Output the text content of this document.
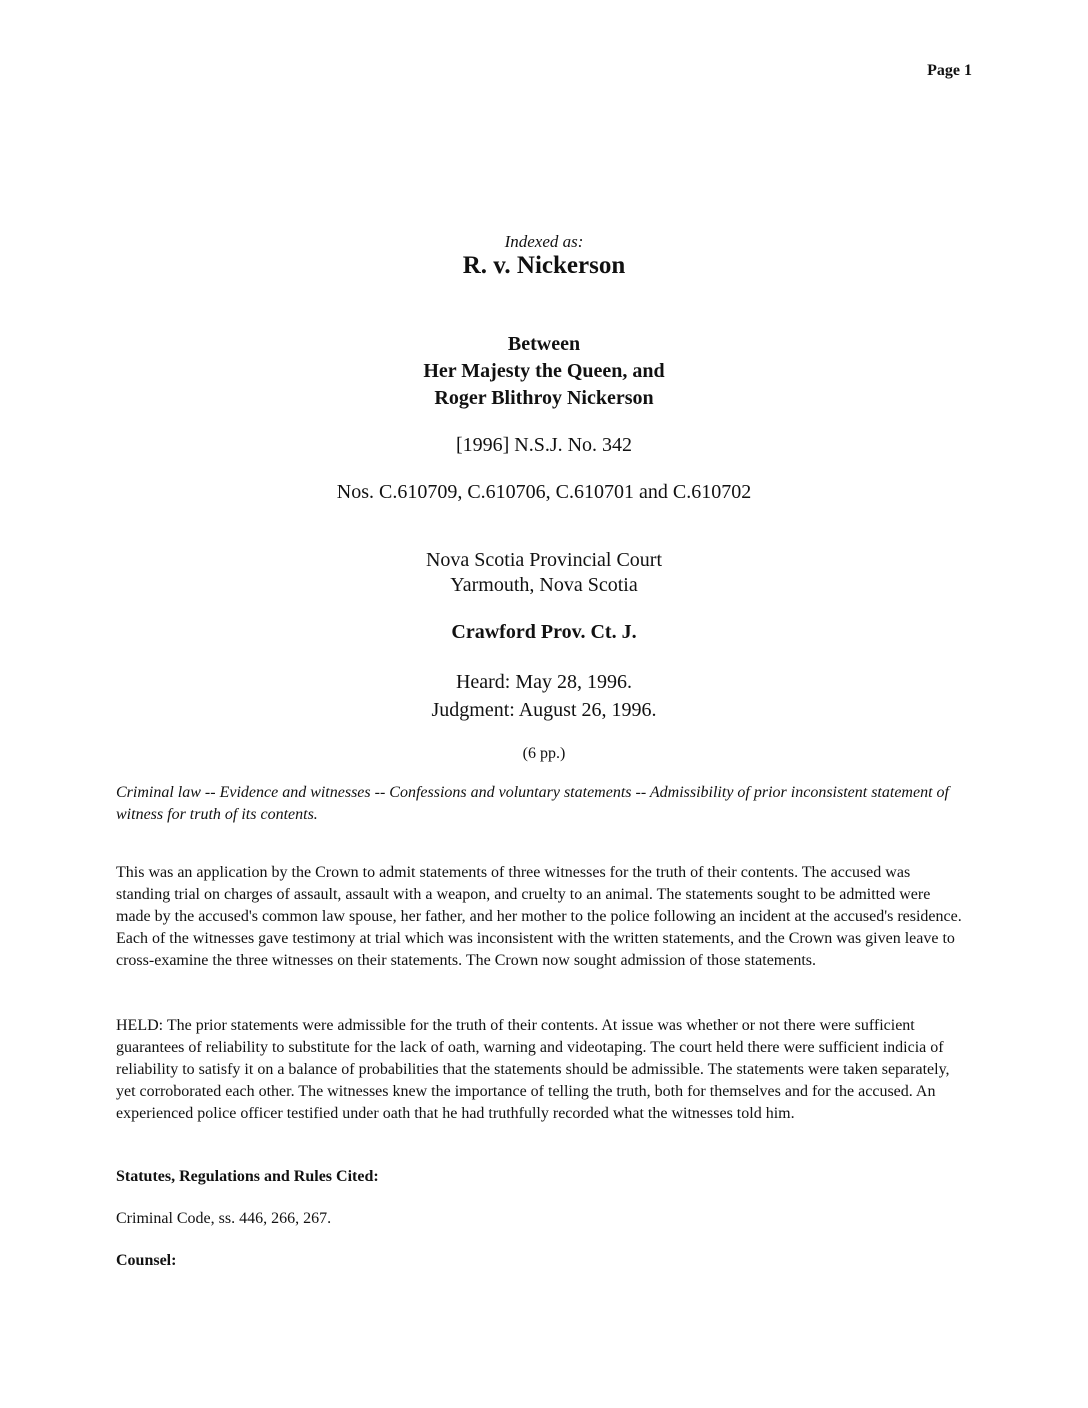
Page 1
Indexed as:
R. v. Nickerson
Between
Her Majesty the Queen, and
Roger Blithroy Nickerson
[1996] N.S.J. No. 342
Nos. C.610709, C.610706, C.610701 and C.610702
Nova Scotia Provincial Court
Yarmouth, Nova Scotia
Crawford Prov. Ct. J.
Heard: May 28, 1996.
Judgment: August 26, 1996.
(6 pp.)
Criminal law -- Evidence and witnesses -- Confessions and voluntary statements -- Admissibility of prior inconsistent statement of witness for truth of its contents.
This was an application by the Crown to admit statements of three witnesses for the truth of their contents. The accused was standing trial on charges of assault, assault with a weapon, and cruelty to an animal. The statements sought to be admitted were made by the accused's common law spouse, her father, and her mother to the police following an incident at the accused's residence. Each of the witnesses gave testimony at trial which was inconsistent with the written statements, and the Crown was given leave to cross-examine the three witnesses on their statements. The Crown now sought admission of those statements.
HELD: The prior statements were admissible for the truth of their contents. At issue was whether or not there were sufficient guarantees of reliability to substitute for the lack of oath, warning and videotaping. The court held there were sufficient indicia of reliability to satisfy it on a balance of probabilities that the statements should be admissible. The statements were taken separately, yet corroborated each other. The witnesses knew the importance of telling the truth, both for themselves and for the accused. An experienced police officer testified under oath that he had truthfully recorded what the witnesses told him.
Statutes, Regulations and Rules Cited:
Criminal Code, ss. 446, 266, 267.
Counsel:
